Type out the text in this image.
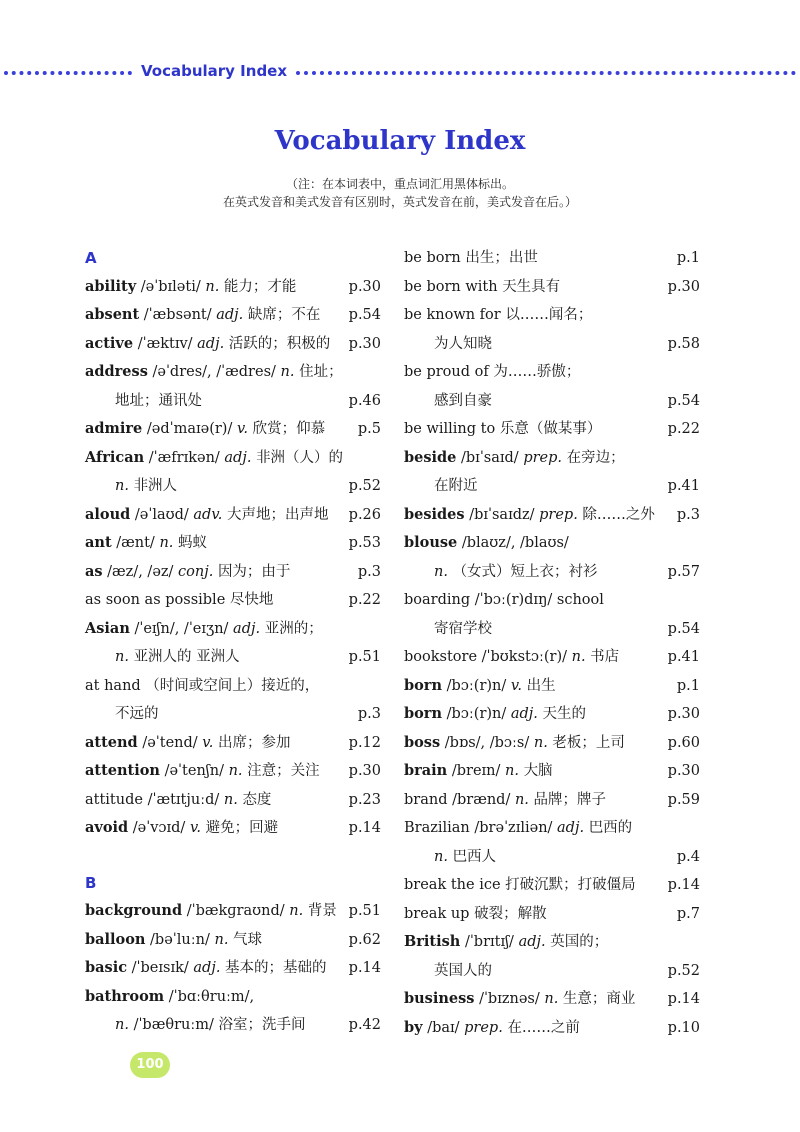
Vocabulary Index
Vocabulary Index
（注：在本词表中，重点词汇用黑体标出。
在英式发音和美式发音有区别时，英式发音在前，美式发音在后。）
A
ability /əˈbɪləti/ n. 能力；才能	p.30
absent /ˈæbsənt/ adj. 缺席；不在 p.54
active /ˈæktɪv/ adj. 活跃的；积极的 p.30
address /əˈdres/, /ˈædres/ n. 住址；
地址；通讯处	p.46
admire /ədˈmaɪə(r)/ v. 欣赏；仰慕 p.5
African /ˈæfrɪkən/ adj. 非洲（人）的
n. 非洲人	p.52
aloud /əˈlaʊd/ adv. 大声地；出声地 p.26
ant /ænt/ n. 蚂蚁	p.53
as /æz/, /əz/ conj. 因为；由于	p.3
as soon as possible 尽快地	p.22
Asian /ˈeɪʃn/, /ˈeɪʒn/ adj. 亚洲的；
n. 亚洲人的 亚洲人	p.51
at hand （时间或空间上）接近的，
不远的	p.3
attend /əˈtend/ v. 出席；参加	p.12
attention /əˈtenʃn/ n. 注意；关注 p.30
attitude /ˈætɪtjuːd/ n. 态度	p.23
avoid /əˈvɔɪd/ v. 避免；回避	p.14
B
background /ˈbækɡraʊnd/ n. 背景 p.51
balloon /bəˈluːn/ n. 气球	p.62
basic /ˈbeɪsɪk/ adj. 基本的；基础的 p.14
bathroom /ˈbɑːθruːm/,
n. /ˈbæθruːm/ 浴室；洗手间	p.42
be born 出生；出世	p.1
be born with 天生具有	p.30
be known for 以……闻名；
为人知晓	p.58
be proud of 为……骄傲；
感到自豪	p.54
be willing to 乐意（做某事）	p.22
beside /bɪˈsaɪd/ prep. 在旁边；
在附近	p.41
besides /bɪˈsaɪdz/ prep. 除……之外 p.3
blouse /blaʊz/, /blaʊs/
n. （女式）短上衣；衬衫	p.57
boarding /ˈbɔː(r)dɪŋ/ school
寄宿学校	p.54
bookstore /ˈbʊkstɔː(r)/ n. 书店	p.41
born /bɔː(r)n/ v. 出生	p.1
born /bɔː(r)n/ adj. 天生的	p.30
boss /bɒs/, /bɔːs/ n. 老板；上司	p.60
brain /breɪn/ n. 大脑	p.30
brand /brænd/ n. 品牌；牌子	p.59
Brazilian /brəˈzɪliən/ adj. 巴西的
n. 巴西人	p.4
break the ice 打破沉默；打破僵局 p.14
break up 破裂；解散	p.7
British /ˈbrɪtɪʃ/ adj. 英国的；
英国人的	p.52
business /ˈbɪznəs/ n. 生意；商业 p.14
by /baɪ/ prep. 在……之前	p.10
100
